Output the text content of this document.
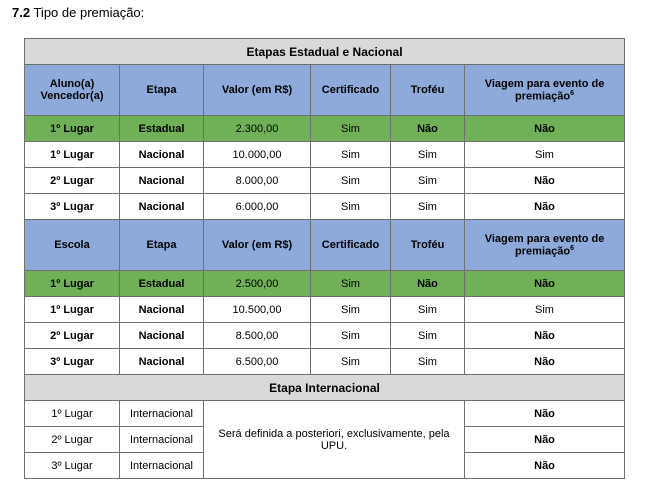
7.2 Tipo de premiação:
Etapas Estadual e Nacional					
Aluno(a) Vencedor(a)	Etapa	Valor (em R$)	Certificado	Troféu	Viagem para evento de premiação$^6$
1º Lugar	Estadual	2.300,00	Sim	Não	Não
1º Lugar	Nacional	10.000,00	Sim	Sim	Sim
2º Lugar	Nacional	8.000,00	Sim	Sim	Não
3º Lugar	Nacional	6.000,00	Sim	Sim	Não
Escola	Etapa	Valor (em R$)	Certificado	Troféu	Viagem para evento de premiação$^6$
1º Lugar	Estadual	2.500,00	Sim	Não	Não
1º Lugar	Nacional	10.500,00	Sim	Sim	Sim
2º Lugar	Nacional	8.500,00	Sim	Sim	Não
3º Lugar	Nacional	6.500,00	Sim	Sim	Não
Etapa Internacional					
1º Lugar	Internacional	Será definida a posteriori, exclusivamente, pela UPU.			Não
2º Lugar	Internacional				Não
3º Lugar	Internacional				Não
